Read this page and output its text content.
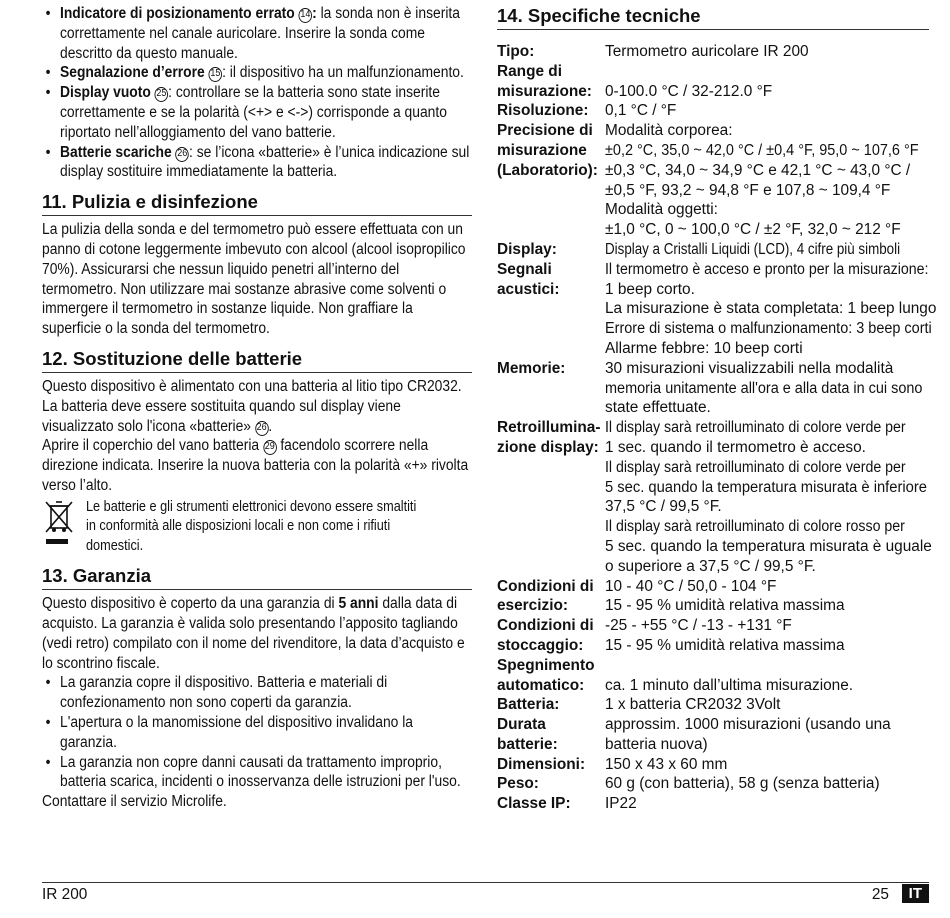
• Indicatore di posizionamento errato 14 : la sonda non è inserita correttamente nel canale auricolare. Inserire la sonda come descritto da questo manuale.
• Segnalazione d’errore 15 : il dispositivo ha un malfunzionamento.
• Display vuoto 25 : controllare se la batteria sono state inserite correttamente e se la polarità (<+> e <->) corrisponde a quanto riportato nell’alloggiamento del vano batterie.
• Batterie scariche 26 : se l’icona «batterie» è l’unica indicazione sul display sostituire immediatamente la batteria.
11. Pulizia e disinfezione

La pulizia della sonda e del termometro può essere effettuata con un panno di cotone leggermente imbevuto con alcool (alcool isopropilico 70%). Assicurarsi che nessun liquido penetri all’interno del termometro. Non utilizzare mai sostanze abrasive come solventi o immergere il termometro in sostanze liquide. Non graffiare la superficie o la sonda del termometro.

12. Sostituzione delle batterie

Questo dispositivo è alimentato con una batteria al litio tipo CR2032. La batteria deve essere sostituita quando sul display viene visualizzato solo l'icona «batterie» 26 .

Aprire il coperchio del vano batteria 29 facendolo scorrere nella direzione indicata. Inserire la nuova batteria con la polarità «+» rivolta verso l’alto.

Le batterie e gli strumenti elettronici devono essere smaltiti in conformità alle disposizioni locali e non come i rifiuti domestici.

13. Garanzia

Questo dispositivo è coperto da una garanzia di 5 anni dalla data di acquisto. La garanzia è valida solo presentando l’apposito tagliando (vedi retro) compilato con il nome del rivenditore, la data d’acquisto e lo scontrino fiscale.

• La garanzia copre il dispositivo. Batteria e materiali di confezionamento non sono coperti da garanzia.
• L'apertura o la manomissione del dispositivo invalidano la garanzia.
• La garanzia non copre danni causati da trattamento improprio, batteria scarica, incidenti o inosservanza delle istruzioni per l'uso.

Contattare il servizio Microlife.

14. Specifiche tecniche
Tipo:	Termometro auricolare IR 200
Range di misurazione:
0-100.0 °C / 32-212.0 °F
Risoluzione:	0,1 °C / °F
Precisione di misurazione (Laboratorio):
Modalità corporea:
±0,2 °C, 35,0 ~ 42,0 °C / ±0,4 °F, 95,0 ~ 107,6 °F
±0,3 °C, 34,0 ~ 34,9 °C e 42,1 °C ~ 43,0 °C /
±0,5 °F, 93,2 ~ 94,8 °F e 107,8 ~ 109,4 °F
Modalità oggetti:
±1,0 °C, 0 ~ 100,0 °C / ±2 °F, 32,0 ~ 212 °F
Display:	Display a Cristalli Liquidi (LCD), 4 cifre più simboli
Segnali acustici:
Il termometro è acceso e pronto per la misurazione:
1 beep corto.
La misurazione è stata completata: 1 beep lungo
Errore di sistema o malfunzionamento: 3 beep corti
Allarme febbre: 10 beep corti
Memorie:	30 misurazioni visualizzabili nella modalità
memoria unitamente all'ora e alla data in cui sono
state effettuate.
Retroillumina-zione display:
Il display sarà retroilluminato di colore verde per
1 sec. quando il termometro è acceso.
Il display sarà retroilluminato di colore verde per
5 sec. quando la temperatura misurata è inferiore
37,5 °C / 99,5 °F.
Il display sarà retroilluminato di colore rosso per
5 sec. quando la temperatura misurata è uguale
o superiore a 37,5 °C / 99,5 °F.
Condizioni di esercizio:
10 - 40 °C / 50,0 - 104 °F
15 - 95 % umidità relativa massima
Condizioni di stoccaggio:
-25 - +55 °C / -13 - +131 °F
15 - 95 % umidità relativa massima
Spegnimento automatico:
	ca. 1 minuto dall’ultima misurazione.
Batteria:	1 x batteria CR2032 3Volt
Durata batterie:
approssim. 1000 misurazioni (usando una
batteria nuova)
Dimensioni:	150 x 43 x 60 mm
Peso:	60 g (con batteria), 58 g (senza batteria)
Classe IP:	IP22
IR 200	25	IT
